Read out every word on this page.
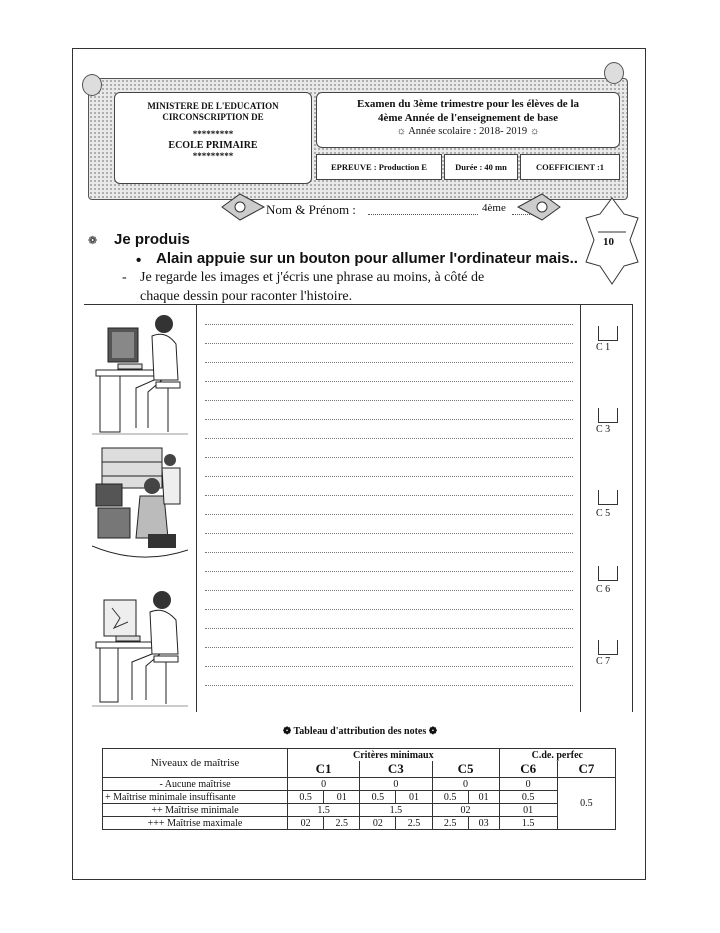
MINISTERE DE L'EDUCATION
CIRCONSCRIPTION DE
*********
ECOLE PRIMAIRE
*********
Examen du 3ème trimestre pour les élèves de la
4ème Année de l'enseignement de base
☼ Année scolaire : 2018- 2019 ☼
EPREUVE : Production E	Durée : 40 mn	COEFFICIENT :1
Nom & Prénom :	4ème
10
❁ Je produis
• Alain appuie sur un bouton pour allumer l'ordinateur mais..
- Je regarde les images et j'écris une phrase au moins, à côté de
chaque dessin pour raconter l'histoire.
C 1
C 3
C 5
C 6
C 7
❁ Tableau d'attribution des notes ❁
Niveaux de maîtrise	Critères minimaux						C.de. perfec	
	C1		C3		C5		C6	C7
- Aucune maîtrise	0		0		0		0	0.5
+ Maîtrise minimale insuffisante	0.5	01	0.5	01	0.5	01	0.5	
++ Maîtrise minimale	1.5		1.5		02		01	
+++ Maîtrise maximale	02	2.5	02	2.5	2.5	03	1.5	
